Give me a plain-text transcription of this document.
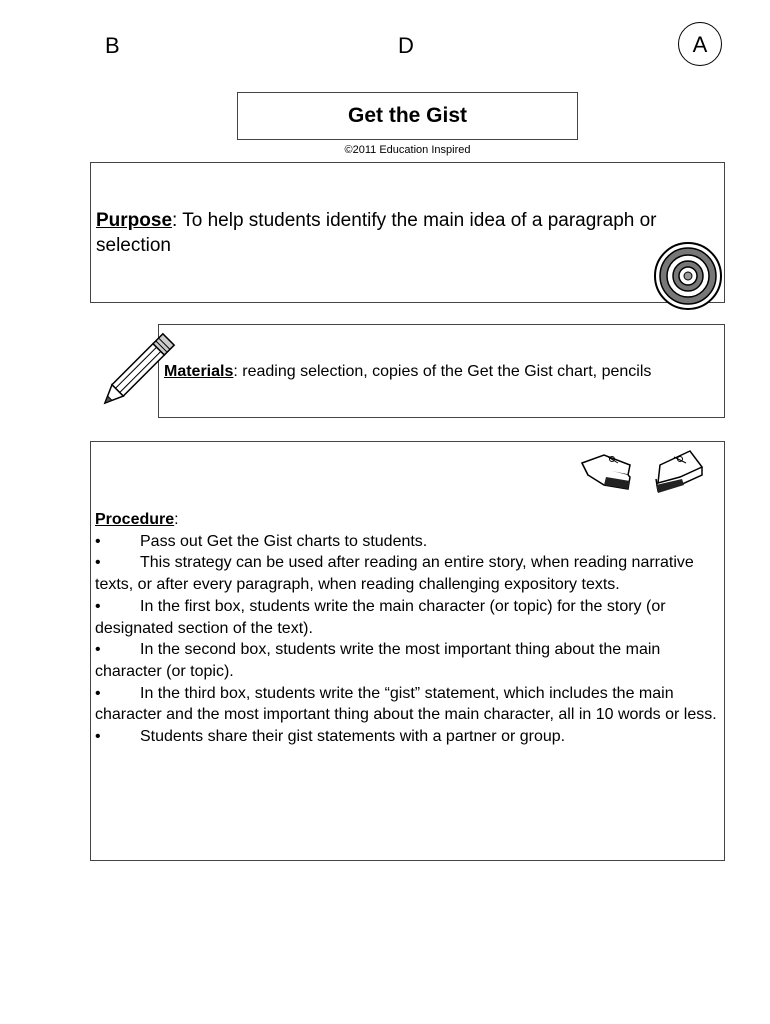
B	D	A
Get the Gist
©2011 Education Inspired
Purpose: To help students identify the main idea of a paragraph or selection
Materials: reading selection, copies of the Get the Gist chart, pencils
Procedure:
• Pass out Get the Gist charts to students.
• This strategy can be used after reading an entire story, when reading narrative texts, or after every paragraph, when reading challenging expository texts.
• In the first box, students write the main character (or topic) for the story (or designated section of the text).
• In the second box, students write the most important thing about the main character (or topic).
• In the third box, students write the “gist” statement, which includes the main character and the most important thing about the main character, all in 10 words or less.
• Students share their gist statements with a partner or group.
